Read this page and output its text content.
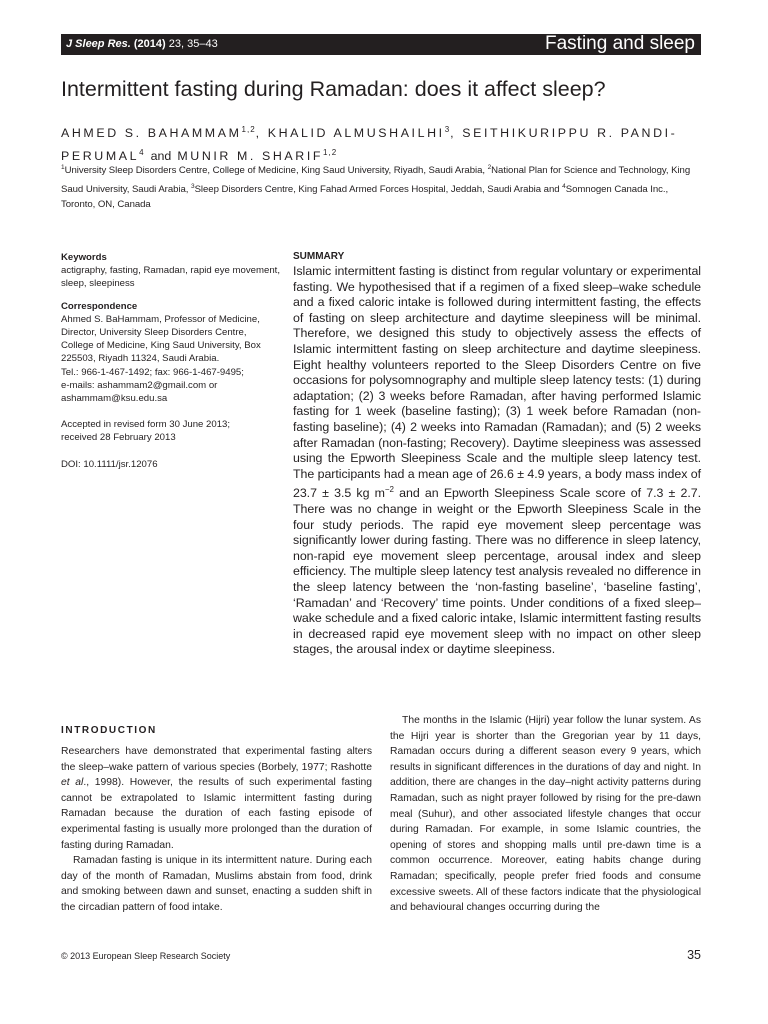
J Sleep Res. (2014) 23, 35–43	Fasting and sleep
Intermittent fasting during Ramadan: does it affect sleep?
AHMED S. BAHAMMAM$^{1,2}$, KHALID ALMUSHAILHI$^3$, SEITHIKURIPPU R. PANDI-PERUMAL$^4$ and MUNIR M. SHARIF$^{1,2}$
$^1$University Sleep Disorders Centre, College of Medicine, King Saud University, Riyadh, Saudi Arabia, $^2$National Plan for Science and Technology, King Saud University, Saudi Arabia, $^3$Sleep Disorders Centre, King Fahad Armed Forces Hospital, Jeddah, Saudi Arabia and $^4$Somnogen Canada Inc., Toronto, ON, Canada

Keywords

actigraphy, fasting, Ramadan, rapid eye movement, sleep, sleepiness

Correspondence

Ahmed S. BaHammam, Professor of Medicine,

Director, University Sleep Disorders Centre,

College of Medicine, King Saud University, Box

225503, Riyadh 11324, Saudi Arabia.

Tel.: 966-1-467-1492; fax: 966-1-467-9495;

e-mails: ashammam2@gmail.com or

ashammam@ksu.edu.sa

Accepted in revised form 30 June 2013;

received 28 February 2013

DOI: 10.1111/jsr.12076

SUMMARY
Islamic intermittent fasting is distinct from regular voluntary or experimental fasting. We hypothesised that if a regimen of a fixed sleep–wake schedule and a fixed caloric intake is followed during intermittent fasting, the effects of fasting on sleep architecture and daytime sleepiness will be minimal. Therefore, we designed this study to objectively assess the effects of Islamic intermittent fasting on sleep architecture and daytime sleepiness. Eight healthy volunteers reported to the Sleep Disorders Centre on five occasions for polysomnography and multiple sleep latency tests: (1) during adaptation; (2) 3 weeks before Ramadan, after having performed Islamic fasting for 1 week (baseline fasting); (3) 1 week before Ramadan (non-fasting baseline); (4) 2 weeks into Ramadan (Ramadan); and (5) 2 weeks after Ramadan (non-fasting; Recovery). Daytime sleepiness was assessed using the Epworth Sleepiness Scale and the multiple sleep latency test. The participants had a mean age of 26.6 ± 4.9 years, a body mass index of 23.7 ± 3.5 kg $m^{-2}$ and an Epworth Sleepiness Scale score of 7.3 ± 2.7. There was no change in weight or the Epworth Sleepiness Scale in the four study periods. The rapid eye movement sleep percentage was significantly lower during fasting. There was no difference in sleep latency, non-rapid eye movement sleep percentage, arousal index and sleep efficiency. The multiple sleep latency test analysis revealed no difference in the sleep latency between the ‘non-fasting baseline’, ‘baseline fasting’, ‘Ramadan’ and ‘Recovery’ time points. Under conditions of a fixed sleep–wake schedule and a fixed caloric intake, Islamic intermittent fasting results in decreased rapid eye movement sleep with no impact on other sleep stages, the arousal index or daytime sleepiness.
INTRODUCTION

Researchers have demonstrated that experimental fasting alters the sleep–wake pattern of various species (Borbely, 1977; Rashotte et al., 1998). However, the results of such experimental fasting cannot be extrapolated to Islamic intermittent fasting during Ramadan because the duration of each fasting episode of experimental fasting is usually more prolonged than the duration of fasting during Ramadan.

Ramadan fasting is unique in its intermittent nature. During each day of the month of Ramadan, Muslims abstain from food, drink and smoking between dawn and sunset, enacting a sudden shift in the circadian pattern of food intake.

The months in the Islamic (Hijri) year follow the lunar system. As the Hijri year is shorter than the Gregorian year by 11 days, Ramadan occurs during a different season every 9 years, which results in significant differences in the durations of day and night. In addition, there are changes in the day–night activity patterns during Ramadan, such as night prayer followed by rising for the pre-dawn meal (Suhur), and other associated lifestyle changes that occur during Ramadan. For example, in some Islamic countries, the opening of stores and shopping malls until pre-dawn time is a common occurrence. Moreover, eating habits change during Ramadan; specifically, people prefer fried foods and consume excessive sweets. All of these factors indicate that the physiological and behavioural changes occurring during the

© 2013 European Sleep Research Society	35
